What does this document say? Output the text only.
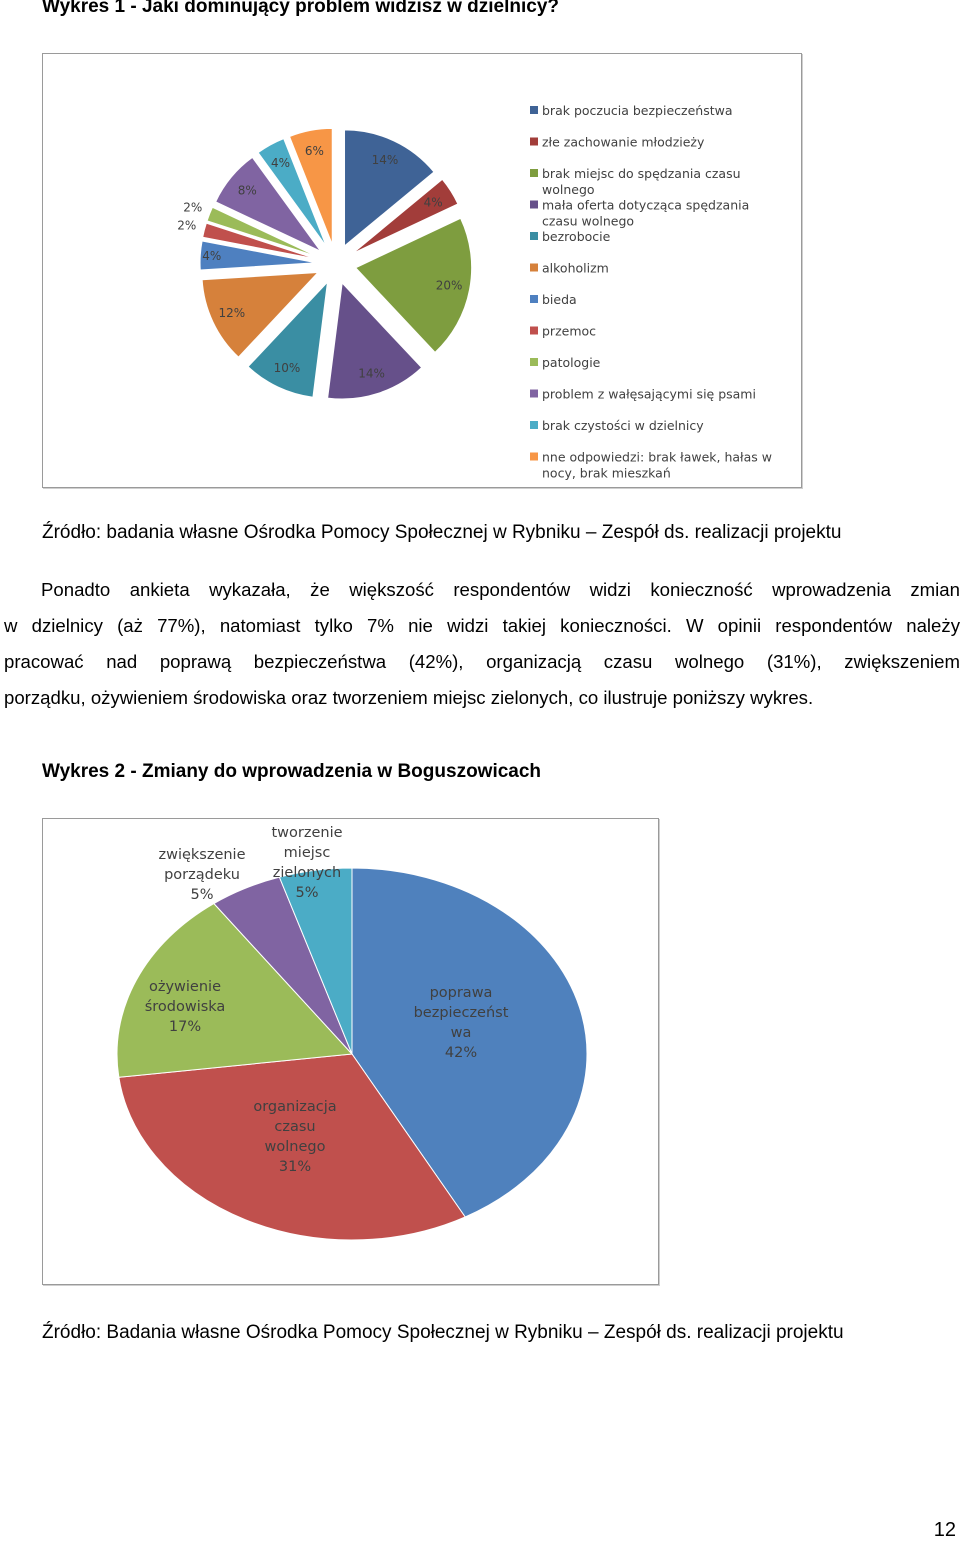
Wykres 1 - Jaki dominujący problem widzisz w dzielnicy?
14%
4%
20%
14%
10%
12%
4%
2%
2%
8%
4%
6%
brak poczucia bezpieczeństwa
złe zachowanie młodzieży
brak miejsc do spędzania czasu
wolnego
mała oferta dotycząca spędzania
czasu wolnego
bezrobocie
alkoholizm
bieda
przemoc
patologie
problem z wałęsającymi się psami
brak czystości w dzielnicy
nne odpowiedzi: brak ławek, hałas w
nocy, brak mieszkań
Źródło: badania własne Ośrodka Pomocy Społecznej w Rybniku – Zespół ds. realizacji projektu
Ponadto ankieta wykazała, że większość respondentów widzi konieczność wprowadzenia zmian
w dzielnicy (aż 77%), natomiast tylko 7% nie widzi takiej konieczności. W opinii respondentów należy
pracować nad poprawą bezpieczeństwa (42%), organizacją czasu wolnego (31%), zwiększeniem
porządku, ożywieniem środowiska oraz tworzeniem miejsc zielonych, co ilustruje poniższy wykres.
Wykres 2 - Zmiany do wprowadzenia w Boguszowicach
poprawa
bezpieczeńst
wa
42%
organizacja
czasu
wolnego
31%
ożywienie
środowiska
17%
zwiększenie
porządeku
5%
tworzenie
miejsc
zielonych
5%
Źródło: Badania własne Ośrodka Pomocy Społecznej w Rybniku – Zespół ds. realizacji projektu
12
